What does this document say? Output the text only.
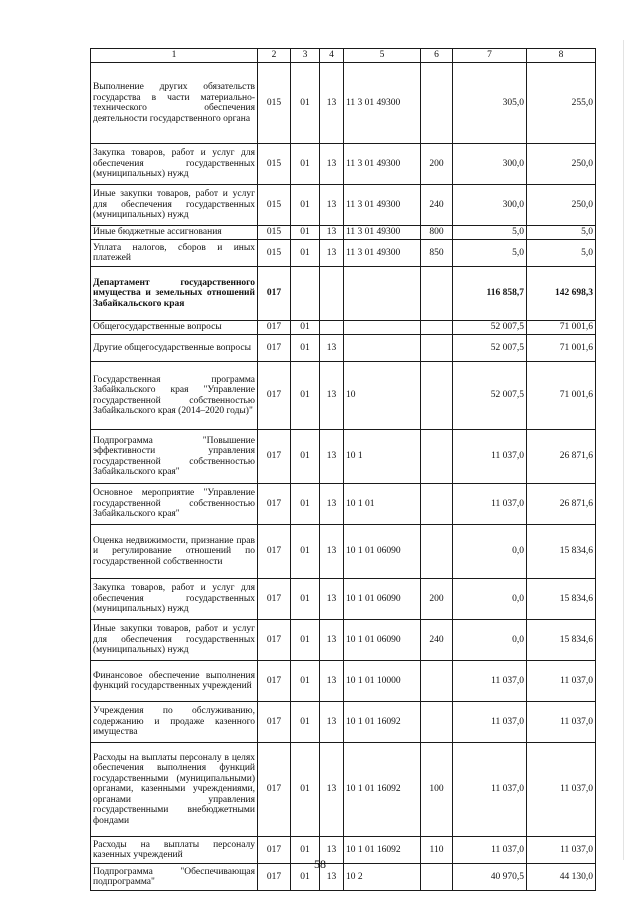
1	2	3	4	5	6	7	8
Выполнение других обязательств государства в части материально-технического обеспечения деятельности государственного органа	015	01	13	11 3 01 49300		305,0	255,0
Закупка товаров, работ и услуг для обеспечения государственных (муниципальных) нужд	015	01	13	11 3 01 49300	200	300,0	250,0
Иные закупки товаров, работ и услуг для обеспечения государственных (муниципальных) нужд	015	01	13	11 3 01 49300	240	300,0	250,0
Иные бюджетные ассигнования	015	01	13	11 3 01 49300	800	5,0	5,0
Уплата налогов, сборов и иных платежей	015	01	13	11 3 01 49300	850	5,0	5,0
Департамент государственного имущества и земельных отношений Забайкальского края	017					116 858,7	142 698,3
Общегосударственные вопросы	017	01				52 007,5	71 001,6
Другие общегосударственные вопросы	017	01	13			52 007,5	71 001,6
Государственная программа Забайкальского края "Управление государственной собственностью Забайкальского края (2014–2020 годы)"	017	01	13	10		52 007,5	71 001,6
Подпрограмма "Повышение эффективности управления государственной собственностью Забайкальского края"	017	01	13	10 1		11 037,0	26 871,6
Основное мероприятие "Управление государственной собственностью Забайкальского края"	017	01	13	10 1 01		11 037,0	26 871,6
Оценка недвижимости, признание прав и регулирование отношений по государственной собственности	017	01	13	10 1 01 06090		0,0	15 834,6
Закупка товаров, работ и услуг для обеспечения государственных (муниципальных) нужд	017	01	13	10 1 01 06090	200	0,0	15 834,6
Иные закупки товаров, работ и услуг для обеспечения государственных (муниципальных) нужд	017	01	13	10 1 01 06090	240	0,0	15 834,6
Финансовое обеспечение выполнения функций государственных учреждений	017	01	13	10 1 01 10000		11 037,0	11 037,0
Учреждения по обслуживанию, содержанию и продаже казенного имущества	017	01	13	10 1 01 16092		11 037,0	11 037,0
Расходы на выплаты персоналу в целях обеспечения выполнения функций государственными (муниципальными) органами, казенными учреждениями, органами управления государственными внебюджетными фондами	017	01	13	10 1 01 16092	100	11 037,0	11 037,0
Расходы на выплаты персоналу казенных учреждений	017	01	13	10 1 01 16092	110	11 037,0	11 037,0
Подпрограмма "Обеспечивающая подпрограмма"	017	01	13	10 2		40 970,5	44 130,0
58
